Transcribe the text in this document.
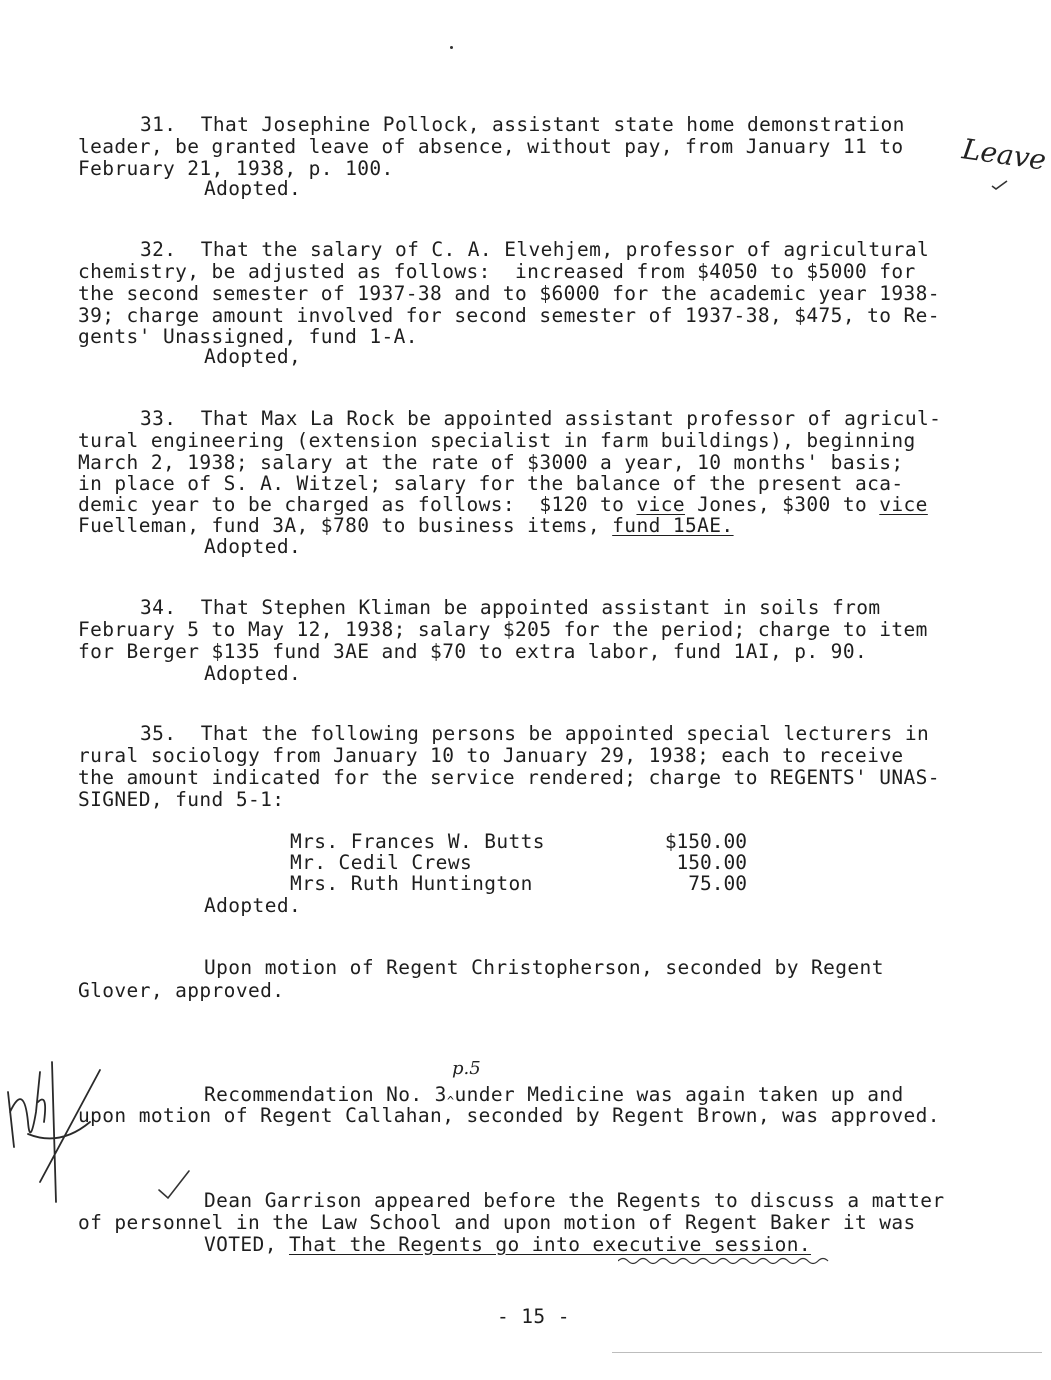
31.  That Josephine Pollock, assistant state home demonstration
leader, be granted leave of absence, without pay, from January 11 to
February 21, 1938, p. 100.
Adopted.
Leave
32.  That the salary of C. A. Elvehjem, professor of agricultural
chemistry, be adjusted as follows:  increased from $4050 to $5000 for
the second semester of 1937-38 and to $6000 for the academic year 1938-
39; charge amount involved for second semester of 1937-38, $475, to Re-
gents' Unassigned, fund 1-A.
Adopted,
33.  That Max La Rock be appointed assistant professor of agricul-
tural engineering (extension specialist in farm buildings), beginning
March 2, 1938; salary at the rate of $3000 a year, 10 months' basis;
in place of S. A. Witzel; salary for the balance of the present aca-
demic year to be charged as follows:  $120 to vice Jones, $300 to vice
Fuelleman, fund 3A, $780 to business items, fund 15AE.
Adopted.
34.  That Stephen Kliman be appointed assistant in soils from
February 5 to May 12, 1938; salary $205 for the period; charge to item
for Berger $135 fund 3AE and $70 to extra labor, fund 1AI, p. 90.
Adopted.
35.  That the following persons be appointed special lecturers in
rural sociology from January 10 to January 29, 1938; each to receive
the amount indicated for the service rendered; charge to REGENTS' UNAS-
SIGNED, fund 5-1:
Mrs. Frances W. Butts	$150.00
Mr. Cedil Crews	150.00
Mrs. Ruth Huntington	75.00
Adopted.
Upon motion of Regent Christopherson, seconded by Regent
Glover, approved.
p.5
Recommendation No. $3_{\^{}}under$ Medicine was again taken up and
upon motion of Regent Callahan, seconded by Regent Brown, was approved.
Dean Garrison appeared before the Regents to discuss a matter
of personnel in the Law School and upon motion of Regent Baker it was
VOTED, That the Regents go into executive session.
- 15 -
